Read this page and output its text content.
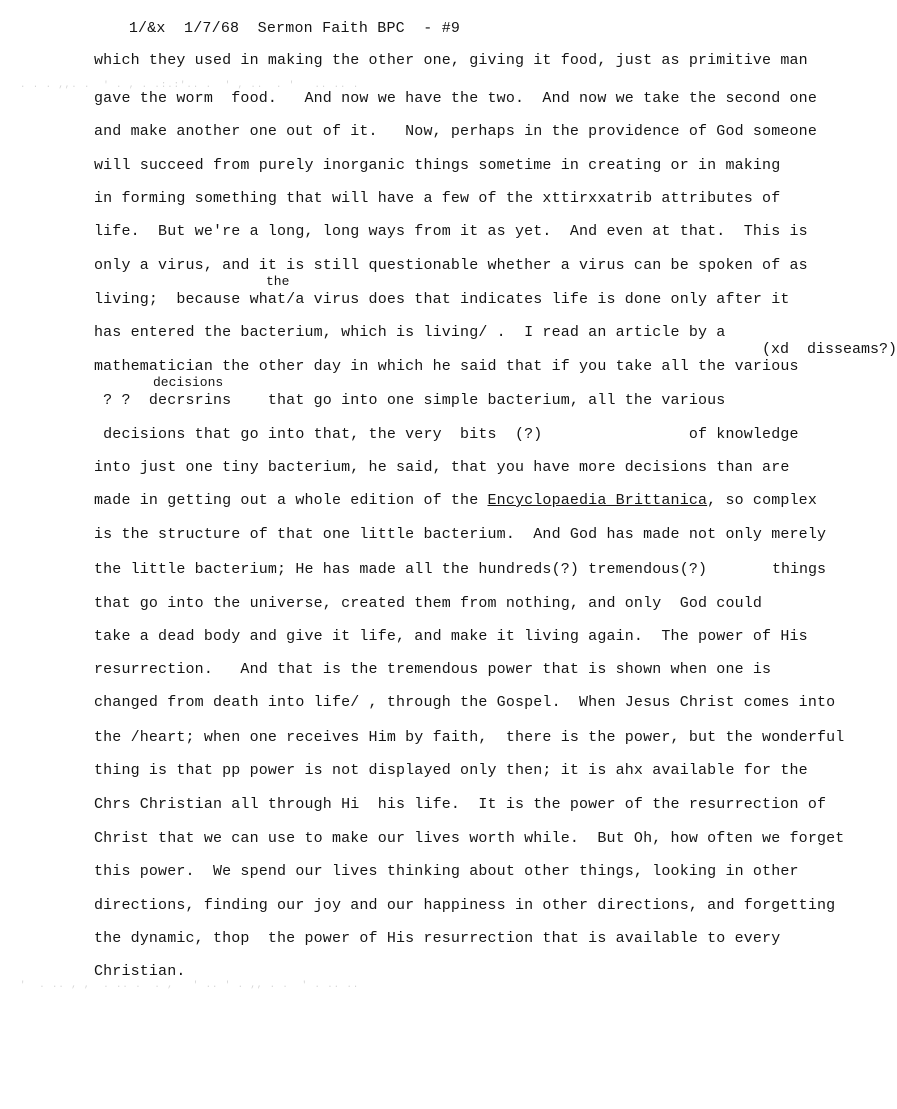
. . . ,,. .  ' . , . .:.:'.. .  ' , ..  . '   .. .. .
'  . .. , ,  . .. .  . ,   ' .. ' . ,, . .  ' . .. ..

1/&x 1/7/68 Sermon Faith BPC - #9

which they used in making the other one, giving it food, just as primitive man
gave the worm  food.   And now we have the two.  And now we take the second one
and make another one out of it.   Now, perhaps in the providence of God someone
will succeed from purely inorganic things sometime in creating or in making
in forming something that will have a few of the xttirxxatrib attributes of
life.  But we're a long, long ways from it as yet.  And even at that.  This is
only a virus, and it is still questionable whether a virus can be spoken of as
the
living;  because what/a virus does that indicates life is done only after it
has entered the bacterium, which is living/ .  I read an article by a
(xd  disseams?)
mathematician the other day in which he said that if you take all the various
decisions
? ?  decrsrins    that go into one simple bacterium, all the various
decisions that go into that, the very  bits  (?)                of knowledge
into just one tiny bacterium, he said, that you have more decisions than are
made in getting out a whole edition of the Encyclopaedia Brittanica, so complex
is the structure of that one little bacterium.  And God has made not only merely
the little bacterium; He has made all the hundreds(?) tremendous(?)	things
that go into the universe, created them from nothing, and only  God could
take a dead body and give it life, and make it living again.  The power of His
resurrection.   And that is the tremendous power that is shown when one is
changed from death into life/ , through the Gospel.  When Jesus Christ comes into
the /heart; when one receives Him by faith,  there is the power, but the wonderful
thing is that pp power is not displayed only then; it is ahx available for the
Chrs Christian all through Hi  his life.  It is the power of the resurrection of
Christ that we can use to make our lives worth while.  But Oh, how often we forget
this power.  We spend our lives thinking about other things, looking in other
directions, finding our joy and our happiness in other directions, and forgetting
the dynamic, thop  the power of His resurrection that is available to every
Christian.
